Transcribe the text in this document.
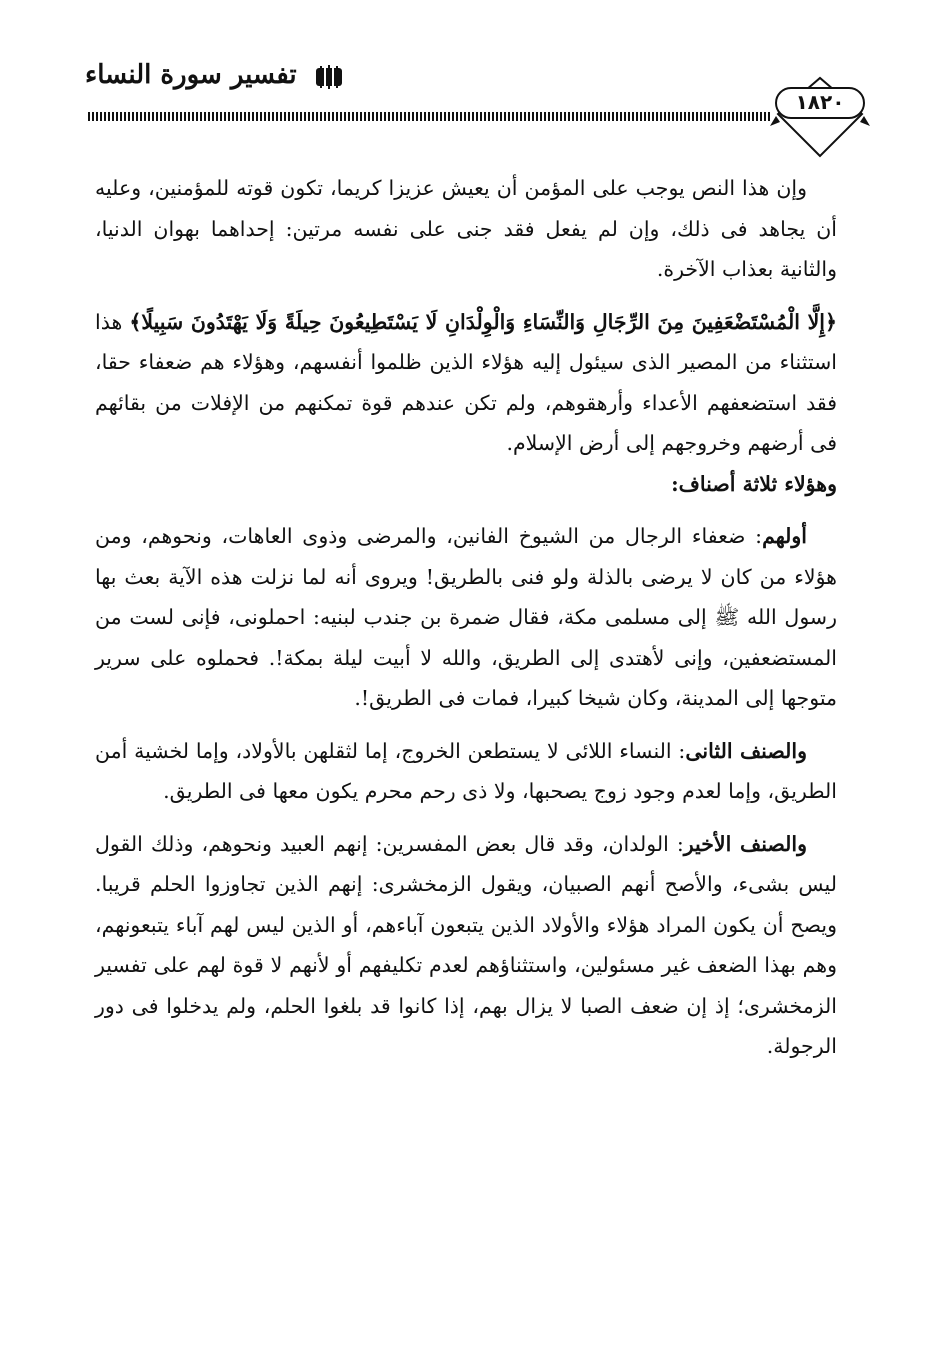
تفسير سورة النساء
١٨٢٠

وإن هذا النص يوجب على المؤمن أن يعيش عزيزا كريما، تكون قوته للمؤمنين، وعليه أن يجاهد فى ذلك، وإن لم يفعل فقد جنى على نفسه مرتين: إحداهما بهوان الدنيا، والثانية بعذاب الآخرة.

﴿إِلَّا الْمُسْتَضْعَفِينَ مِنَ الرِّجَالِ وَالنِّسَاءِ وَالْوِلْدَانِ لَا يَسْتَطِيعُونَ حِيلَةً وَلَا يَهْتَدُونَ سَبِيلًا﴾ هذا استثناء من المصير الذى سيئول إليه هؤلاء الذين ظلموا أنفسهم، وهؤلاء هم ضعفاء حقا، فقد استضعفهم الأعداء وأرهقوهم، ولم تكن عندهم قوة تمكنهم من الإفلات من بقائهم فى أرضهم وخروجهم إلى أرض الإسلام.
وهؤلاء ثلاثة أصناف:

أولهم: ضعفاء الرجال من الشيوخ الفانين، والمرضى وذوى العاهات، ونحوهم، ومن هؤلاء من كان لا يرضى بالذلة ولو فنى بالطريق! ويروى أنه لما نزلت هذه الآية بعث بها رسول الله ﷺ إلى مسلمى مكة، فقال ضمرة بن جندب لبنيه: احملونى، فإنى لست من المستضعفين، وإنى لأهتدى إلى الطريق، والله لا أبيت ليلة بمكة!. فحملوه على سرير متوجها إلى المدينة، وكان شيخا كبيرا، فمات فى الطريق!.

والصنف الثانى: النساء اللائى لا يستطعن الخروج، إما لثقلهن بالأولاد، وإما لخشية أمن الطريق، وإما لعدم وجود زوج يصحبها، ولا ذى رحم محرم يكون معها فى الطريق.

والصنف الأخير: الولدان، وقد قال بعض المفسرين: إنهم العبيد ونحوهم، وذلك القول ليس بشىء، والأصح أنهم الصبيان، ويقول الزمخشرى: إنهم الذين تجاوزوا الحلم قريبا. ويصح أن يكون المراد هؤلاء والأولاد الذين يتبعون آباءهم، أو الذين ليس لهم آباء يتبعونهم، وهم بهذا الضعف غير مسئولين، واستثناؤهم لعدم تكليفهم أو لأنهم لا قوة لهم على تفسير الزمخشرى؛ إذ إن ضعف الصبا لا يزال بهم، إذا كانوا قد بلغوا الحلم، ولم يدخلوا فى دور الرجولة.
